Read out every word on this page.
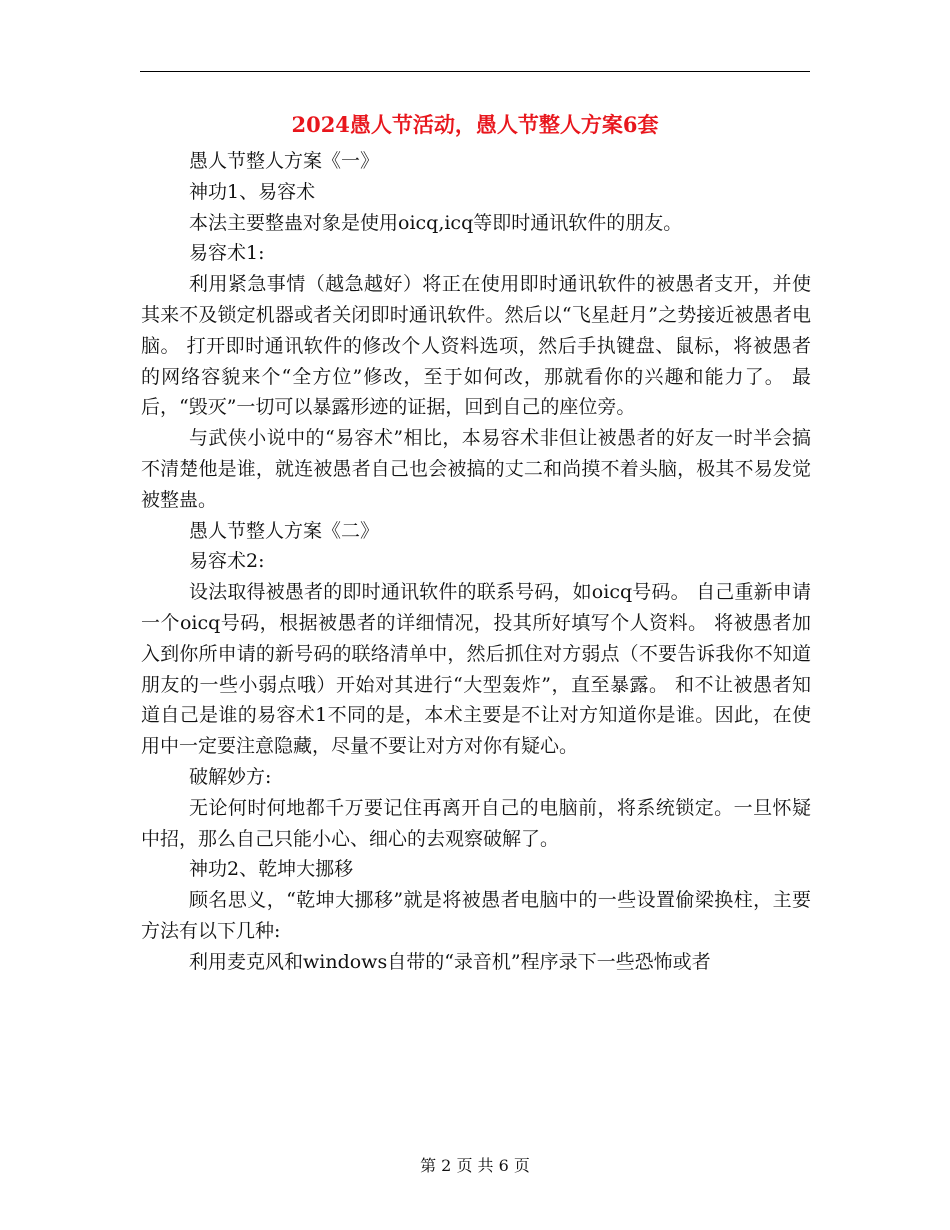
2024愚人节活动，愚人节整人方案6套

愚人节整人方案《一》

神功1、易容术

本法主要整蛊对象是使用oicq,icq等即时通讯软件的朋友。

易容术1:

利用紧急事情（越急越好）将正在使用即时通讯软件的被愚者支开，并使其来不及锁定机器或者关闭即时通讯软件。然后以“飞星赶月”之势接近被愚者电脑。 打开即时通讯软件的修改个人资料选项，然后手执键盘、鼠标，将被愚者的网络容貌来个“全方位”修改，至于如何改，那就看你的兴趣和能力了。 最后，“毁灭”一切可以暴露形迹的证据，回到自己的座位旁。

与武侠小说中的“易容术”相比，本易容术非但让被愚者的好友一时半会搞不清楚他是谁，就连被愚者自己也会被搞的丈二和尚摸不着头脑，极其不易发觉被整蛊。

愚人节整人方案《二》

易容术2:

设法取得被愚者的即时通讯软件的联系号码，如oicq号码。 自己重新申请一个oicq号码，根据被愚者的详细情况，投其所好填写个人资料。 将被愚者加入到你所申请的新号码的联络清单中，然后抓住对方弱点（不要告诉我你不知道朋友的一些小弱点哦）开始对其进行“大型轰炸”，直至暴露。 和不让被愚者知道自己是谁的易容术1不同的是，本术主要是不让对方知道你是谁。因此，在使用中一定要注意隐藏，尽量不要让对方对你有疑心。

破解妙方:

无论何时何地都千万要记住再离开自己的电脑前，将系统锁定。一旦怀疑中招，那么自己只能小心、细心的去观察破解了。

神功2、乾坤大挪移

顾名思义，“乾坤大挪移”就是将被愚者电脑中的一些设置偷梁换柱，主要方法有以下几种:

利用麦克风和windows自带的“录音机”程序录下一些恐怖或者

第 2 页 共 6 页
